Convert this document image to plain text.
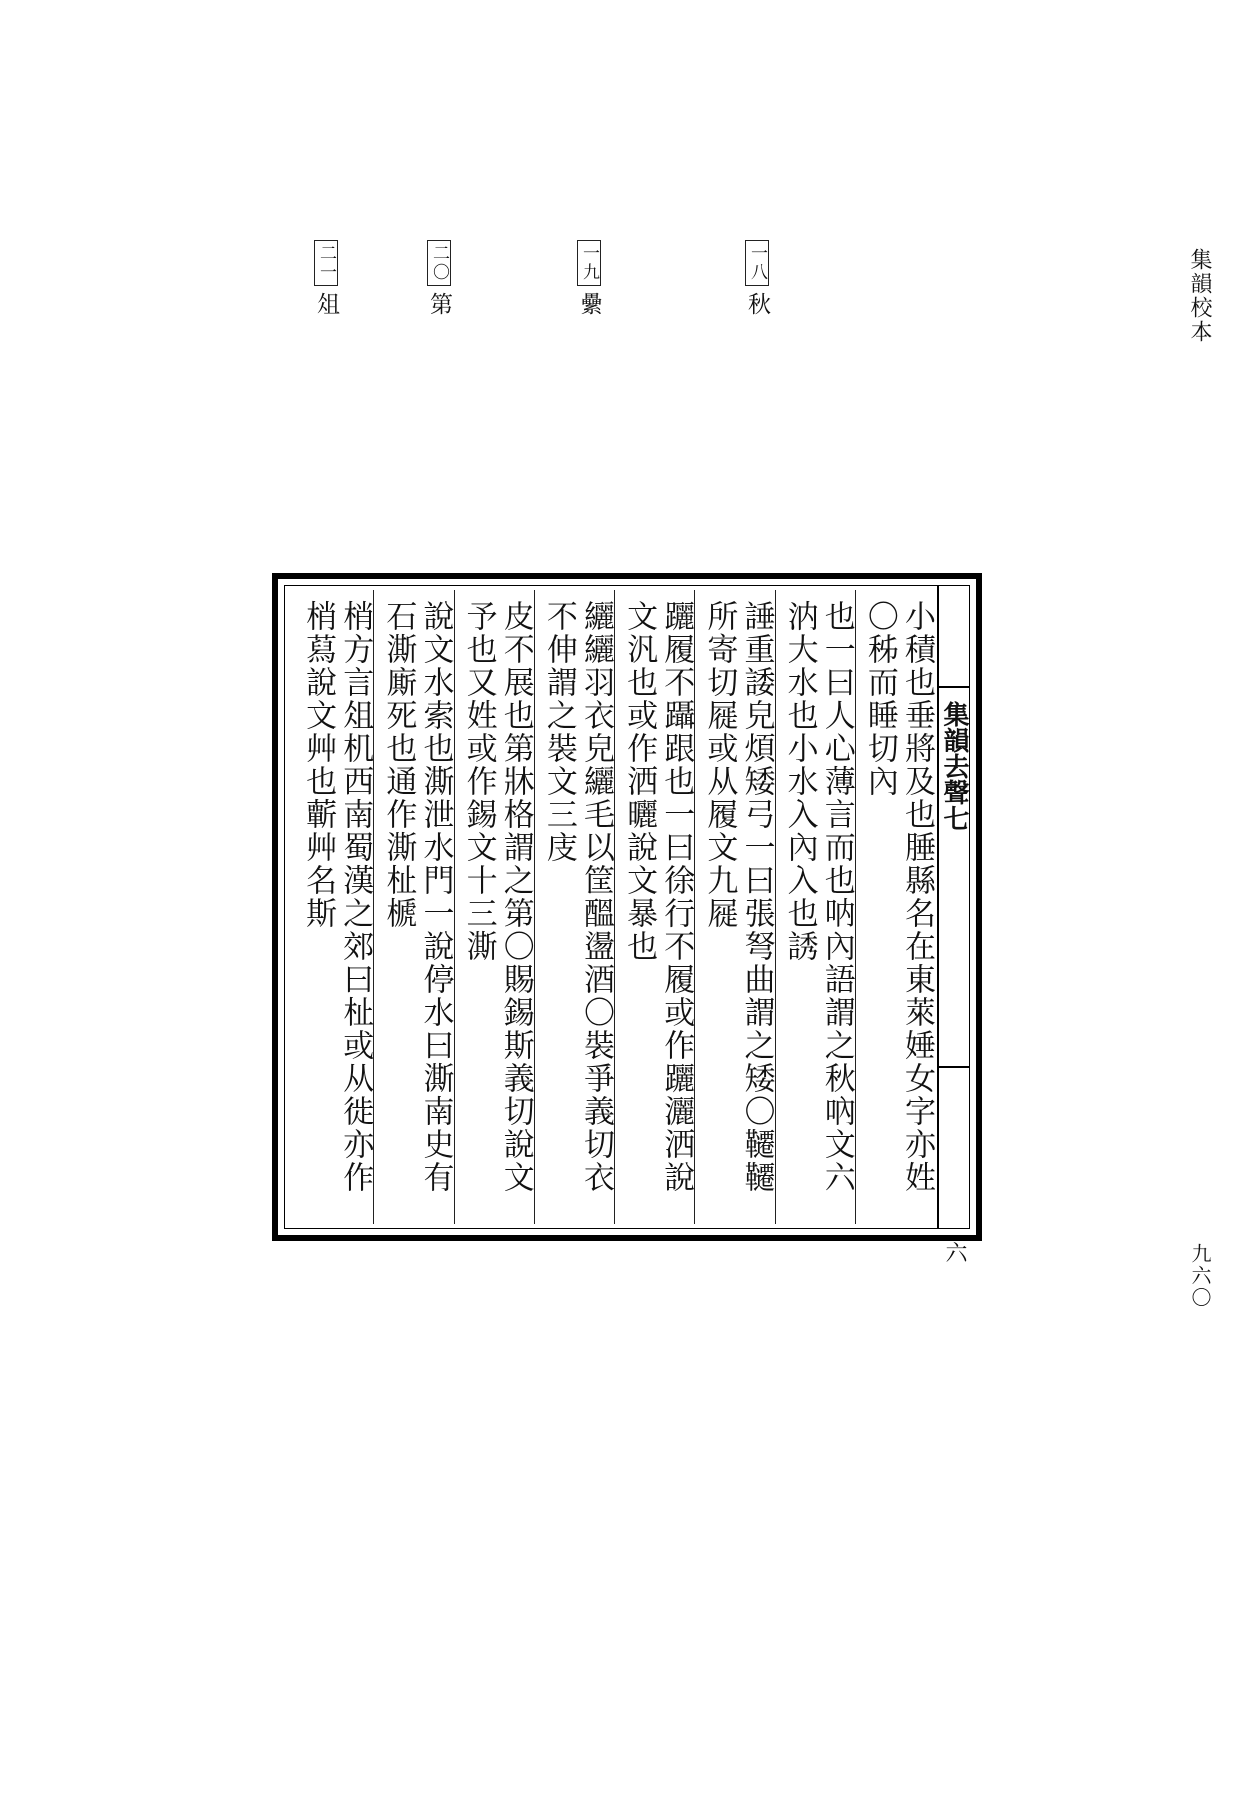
集韻校本
九六〇
一八秋
一九纍
二〇第
二一俎
集韻去聲七
六
小積也垂將及也腄縣名在東萊娷女字亦姓〇秭而睡切內
也一曰人心薄言而也呐內語謂之秋吶文六汭大水也小水入內入也誘
諈重諉皃煩矮弓一曰張弩曲謂之矮〇韆韆所寄切屣或从履文九屣
躧履不躡跟也一曰徐行不履或作躧灑洒說文汎也或作洒曬說文暴也
纚纚羽衣皃纚毛以筐醞盪酒〇裝爭義切衣不伸謂之裝文三庋
皮不展也第牀格謂之第〇賜錫斯義切說文予也又姓或作錫文十三澌
說文水索也澌泄水門一說停水曰澌南史有石澌廝死也通作澌杫榹
梢方言俎机西南蜀漢之郊曰杫或从徙亦作梢蕮說文艸也蘄艸名斯
